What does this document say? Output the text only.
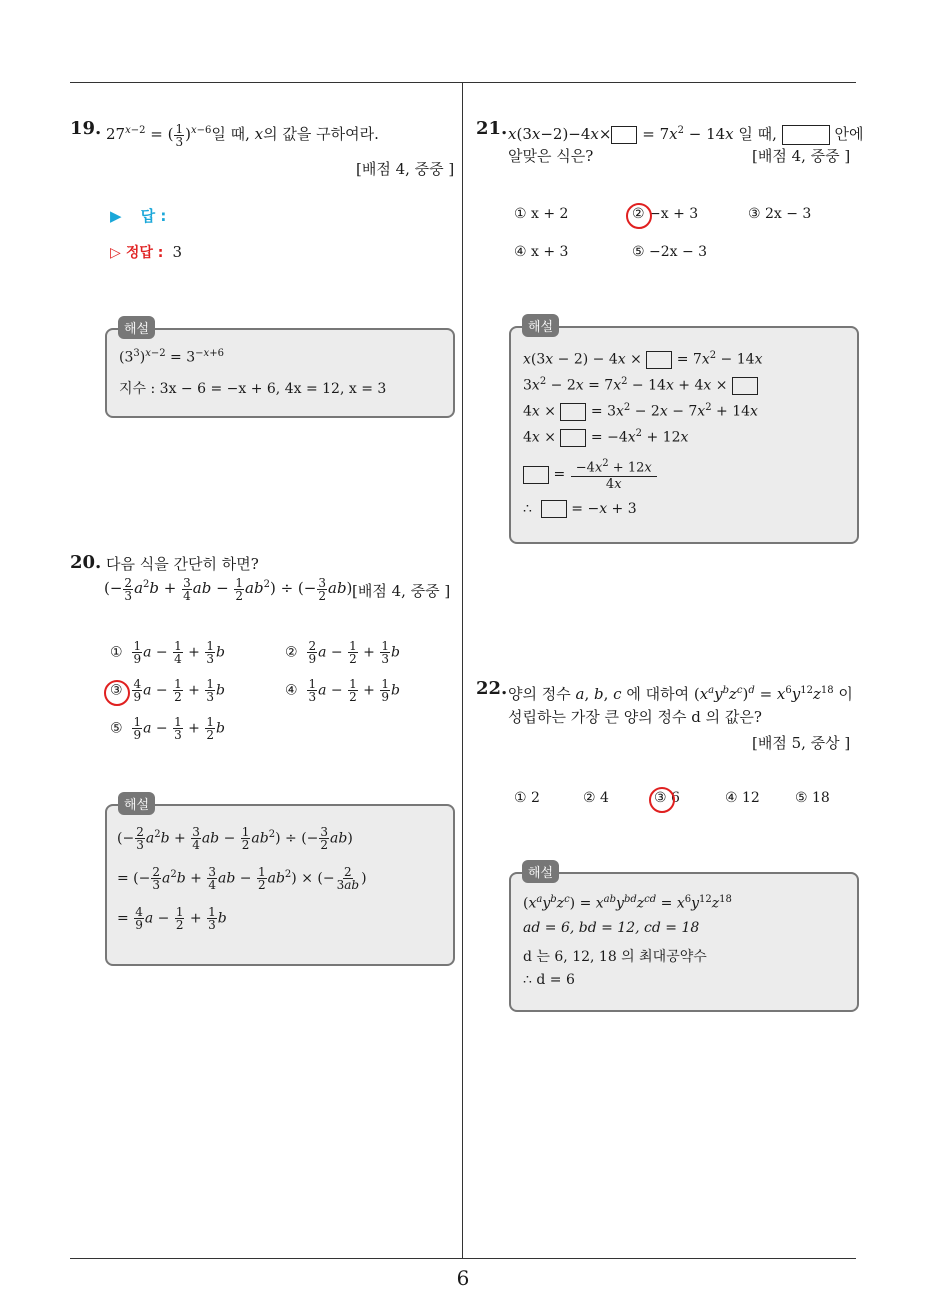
6
19. $27^{x-2}$ = ( $\frac{1}{3} )^{x-6}$일 때, x의 값을 구하여라.
[배점 4, 중중 ]
▶ 답 :
▷ 정답 : 3
$(3^3)^{x-2} = 3^{-x+6}$
지수 : 3x − 6 = −x + 6, 4x = 12, x = 3
해설
20. 다음 식을 간단히 하면?
(− $\frac{2}{3} a^2b + \frac{3}{4}$ ab − $\frac{1}{2} ab^2$) ÷ (− $\frac{3}{2} ab$) [배점 4, 중중 ]
① $\frac{1}{9}$ $a - \frac{1}{4} + \frac{1}{3}$ b	② $\frac{2}{9}$ $a - \frac{1}{2} + \frac{1}{3}$ b
③ $\frac{4}{9}$ $a - \frac{1}{2} + \frac{1}{3}$ b	④ $\frac{1}{3}$ $a - \frac{1}{2} + \frac{1}{9}$ b
⑤ $\frac{1}{9}$ $a - \frac{1}{3} + \frac{1}{2}$ b
(− $\frac{2}{3} a^2b + \frac{3}{4}$ ab − $\frac{1}{2} ab^2$) ÷ (− $\frac{3}{2} ab$)
= (− $\frac{2}{3} a^2b + \frac{3}{4}$ ab − $\frac{1}{2} ab^2$) × (− $\frac{2}{3ab}$ )
= $\frac{4}{9}$ $a - \frac{1}{2} + \frac{1}{3}$ b
해설
21. $x(3x-2)-4x\times = 7x^2 - 14x$ 일 때,	안에
알맞은 식은?	[배점 4, 중중 ]
① x + 2	② −x + 3	③ 2x − 3
④ x + 3	⑤ −2x − 3
x(3x − 2) − 4x ×  = $7x^2 - 14x$
$3x^2 - 2x = 7x^2 - 14x + 4x$ ×
4x ×  = $3x^2 - 2x - 7x^2 + 14x$
4x ×  = $-4x^2 + 12x$
= $\frac{-4x^2 + 12x}{4x}$
∴   = −x + 3
해설
22. 양의 정수 a, b, c 에 대하여 $(x^ay^bz^c)^d = x^6y^{12}z^{18}$ 이
성립하는 가장 큰 양의 정수 d 의 값은?
[배점 5, 중상 ]
① 2	② 4	③ 6	④ 12	⑤ 18
$(x^ay^bz^c) = x^{ab}y^{bd}z^{cd} = x^6y^{12}z^{18}$
ad = 6, bd = 12, cd = 18
d 는 6, 12, 18 의 최대공약수
∴ d = 6
해설
